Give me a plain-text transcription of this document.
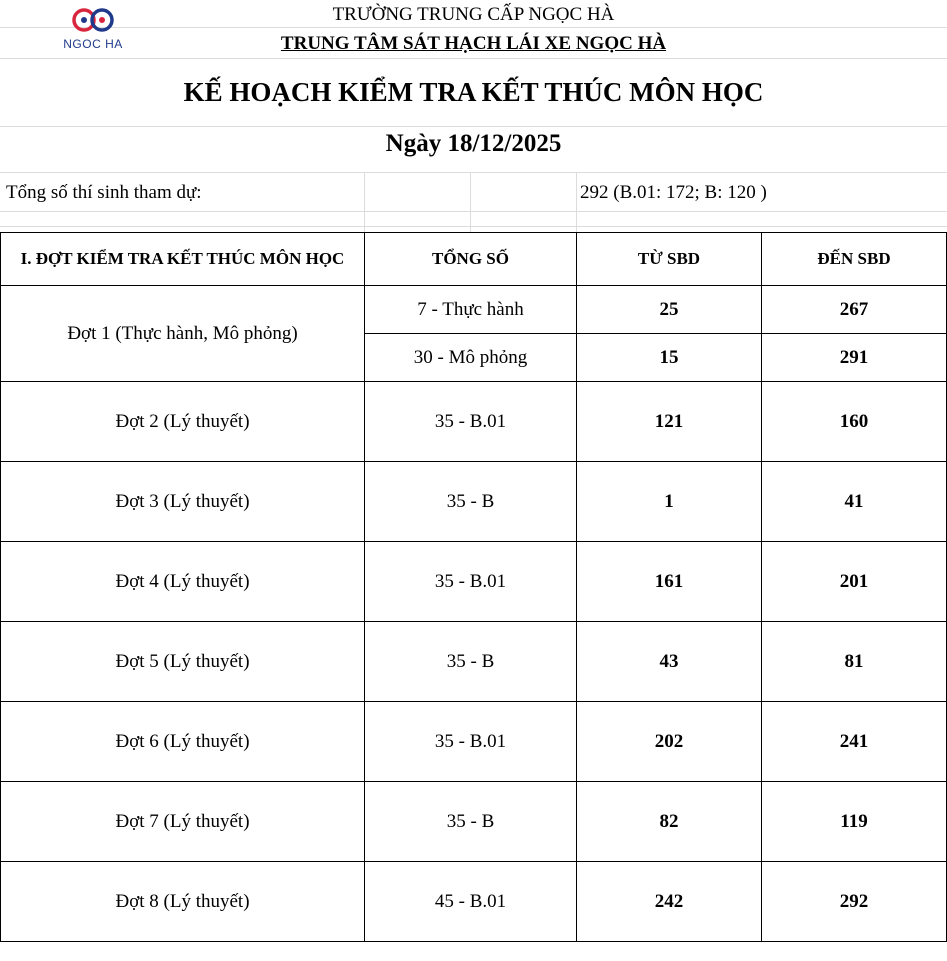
NGOC HA
TRƯỜNG TRUNG CẤP NGỌC HÀ
TRUNG TÂM SÁT HẠCH LÁI XE NGỌC HÀ
KẾ HOẠCH KIỂM TRA KẾT THÚC MÔN HỌC
Ngày 18/12/2025
Tổng số thí sinh tham dự:	292 (B.01: 172; B: 120 )
I. ĐỢT KIỂM TRA KẾT THÚC MÔN HỌC	TỔNG SỐ	TỪ SBD	ĐẾN SBD
Đợt 1 (Thực hành, Mô phỏng)	7 - Thực hành	25	267
	30 - Mô phỏng	15	291
Đợt 2 (Lý thuyết)	35 - B.01	121	160
Đợt 3 (Lý thuyết)	35 - B	1	41
Đợt 4 (Lý thuyết)	35 - B.01	161	201
Đợt 5 (Lý thuyết)	35 - B	43	81
Đợt 6 (Lý thuyết)	35 - B.01	202	241
Đợt 7 (Lý thuyết)	35 - B	82	119
Đợt 8 (Lý thuyết)	45 - B.01	242	292
